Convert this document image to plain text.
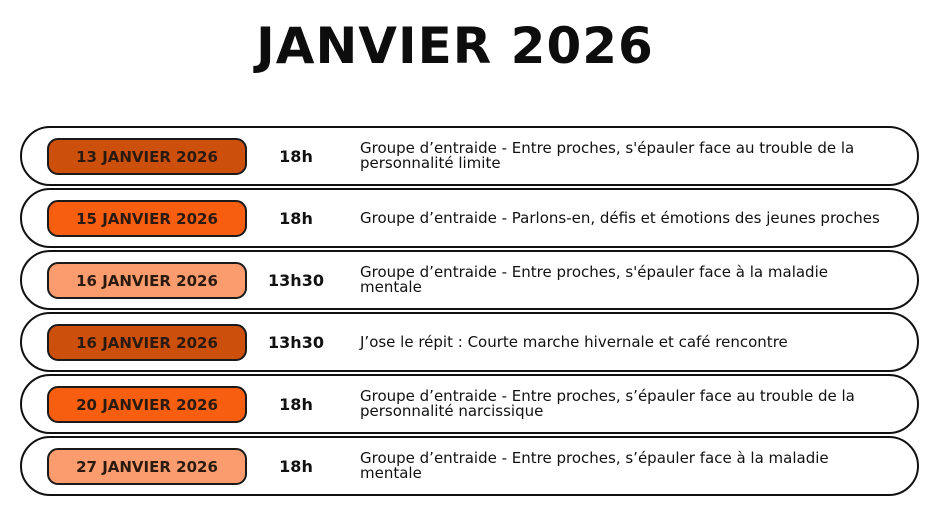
JANVIER 2026
13 JANVIER 2026	18h	Groupe d’entraide - Entre proches, s'épauler face au trouble de la personnalité limite
15 JANVIER 2026	18h	Groupe d’entraide - Parlons-en, défis et émotions des jeunes proches
16 JANVIER 2026	13h30	Groupe d’entraide - Entre proches, s'épauler face à la maladie mentale
16 JANVIER 2026	13h30	J’ose le répit : Courte marche hivernale et café rencontre
20 JANVIER 2026	18h	Groupe d’entraide - Entre proches, s’épauler face au trouble de la personnalité narcissique
27 JANVIER 2026	18h	Groupe d’entraide - Entre proches, s’épauler face à la maladie mentale
